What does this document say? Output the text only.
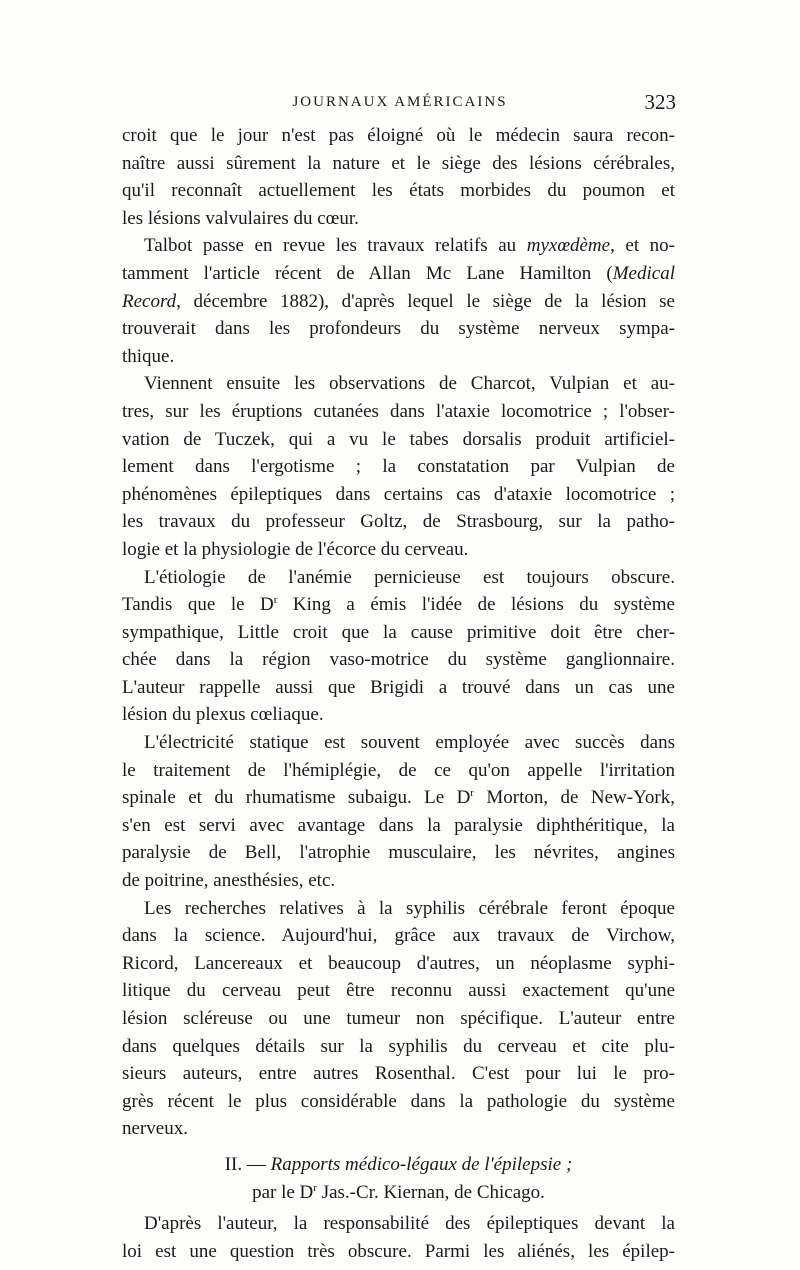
JOURNAUX AMÉRICAINS	323
croit que le jour n'est pas éloigné où le médecin saura recon-
naître aussi sûrement la nature et le siège des lésions cérébrales,
qu'il reconnaît actuellement les états morbides du poumon et
les lésions valvulaires du cœur.
Talbot passe en revue les travaux relatifs au myxœdème, et no-
tamment l'article récent de Allan Mc Lane Hamilton (Medical
Record, décembre 1882), d'après lequel le siège de la lésion se
trouverait dans les profondeurs du système nerveux sympa-
thique.
Viennent ensuite les observations de Charcot, Vulpian et au-
tres, sur les éruptions cutanées dans l'ataxie locomotrice ; l'obser-
vation de Tuczek, qui a vu le tabes dorsalis produit artificiel-
lement dans l'ergotisme ; la constatation par Vulpian de
phénomènes épileptiques dans certains cas d'ataxie locomotrice ;
les travaux du professeur Goltz, de Strasbourg, sur la patho-
logie et la physiologie de l'écorce du cerveau.
L'étiologie de l'anémie pernicieuse est toujours obscure.
Tandis que le $D^r$ King a émis l'idée de lésions du système
sympathique, Little croit que la cause primitive doit être cher-
chée dans la région vaso-motrice du système ganglionnaire.
L'auteur rappelle aussi que Brigidi a trouvé dans un cas une
lésion du plexus cœliaque.
L'électricité statique est souvent employée avec succès dans
le traitement de l'hémiplégie, de ce qu'on appelle l'irritation
spinale et du rhumatisme subaigu. Le $D^r$ Morton, de New-York,
s'en est servi avec avantage dans la paralysie diphthéritique, la
paralysie de Bell, l'atrophie musculaire, les névrites, angines
de poitrine, anesthésies, etc.
Les recherches relatives à la syphilis cérébrale feront époque
dans la science. Aujourd'hui, grâce aux travaux de Virchow,
Ricord, Lancereaux et beaucoup d'autres, un néoplasme syphi-
litique du cerveau peut être reconnu aussi exactement qu'une
lésion scléreuse ou une tumeur non spécifique. L'auteur entre
dans quelques détails sur la syphilis du cerveau et cite plu-
sieurs auteurs, entre autres Rosenthal. C'est pour lui le pro-
grès récent le plus considérable dans la pathologie du système
nerveux.
II. — Rapports médico-légaux de l'épilepsie ;
par le $D^r$ Jas.-Cr. Kiernan, de Chicago.
D'après l'auteur, la responsabilité des épileptiques devant la
loi est une question très obscure. Parmi les aliénés, les épilep-
